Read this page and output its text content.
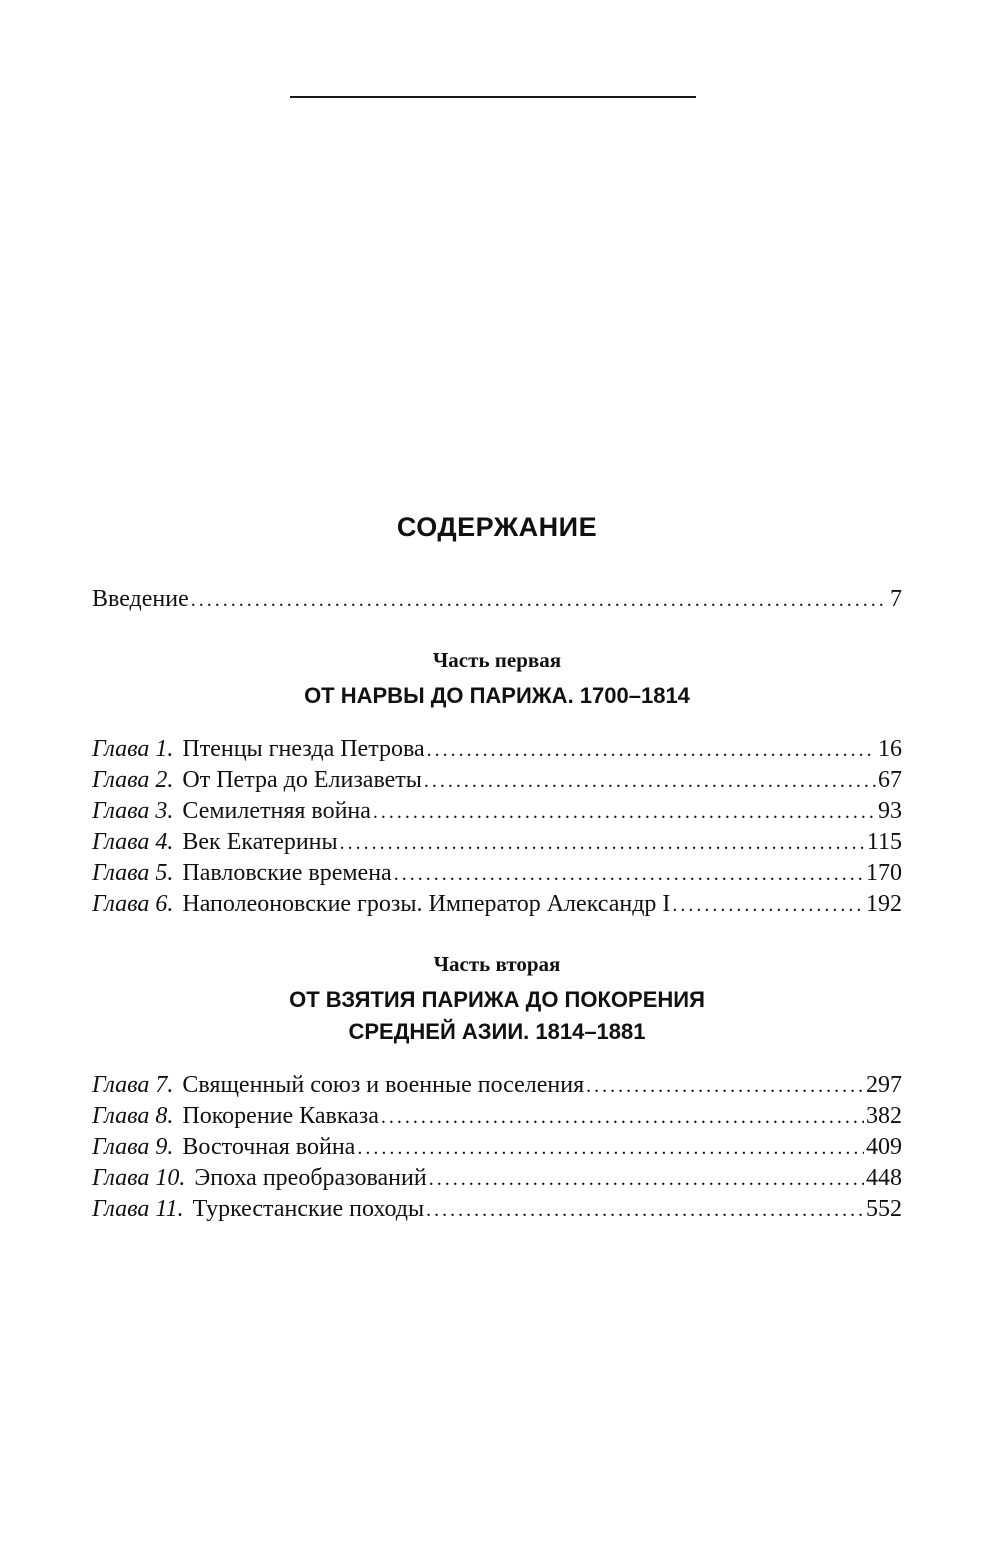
СОДЕРЖАНИЕ
Введение . . .	7
Часть первая
ОТ НАРВЫ ДО ПАРИЖА. 1700–1814
Глава 1. Птенцы гнезда Петрова . . .	16
Глава 2. От Петра до Елизаветы . . .	67
Глава 3. Семилетняя война . . .	93
Глава 4. Век Екатерины . . .	115
Глава 5. Павловские времена . . .	170
Глава 6. Наполеоновские грозы. Император Александр I . . .	192
Часть вторая
ОТ ВЗЯТИЯ ПАРИЖА ДО ПОКОРЕНИЯ
СРЕДНЕЙ АЗИИ. 1814–1881
Глава 7. Священный союз и военные поселения . . .	297
Глава 8. Покорение Кавказа . . .	382
Глава 9. Восточная война . . .	409
Глава 10. Эпоха преобразований . . .	448
Глава 11. Туркестанские походы . . .	552
